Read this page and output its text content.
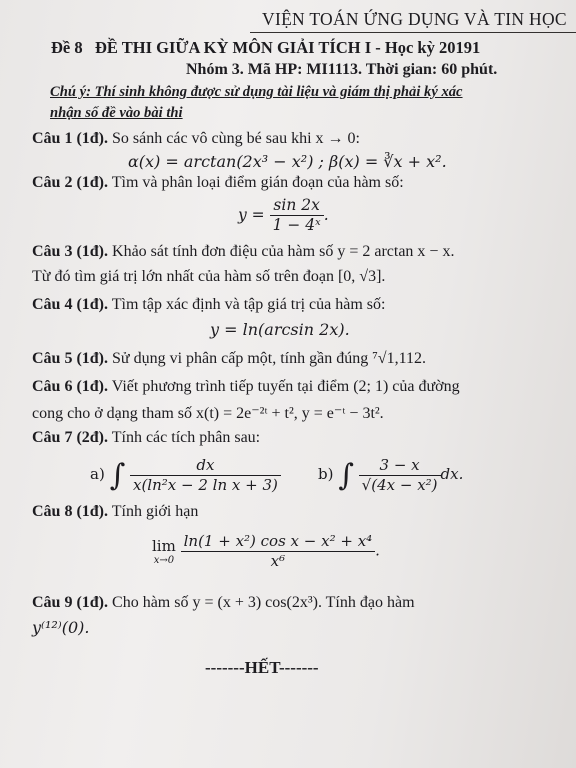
VIỆN TOÁN ỨNG DỤNG VÀ TIN HỌC
Đề 8 ĐỀ THI GIỮA KỲ MÔN GIẢI TÍCH I - Học kỳ 20191
Nhóm 3. Mã HP: MI1113. Thời gian: 60 phút.
Chú ý: Thí sinh không được sử dụng tài liệu và giám thị phải ký xác
nhận số đề vào bài thi
Câu 1 (1đ). So sánh các vô cùng bé sau khi x → 0:
α(x) = arctan(2x³ − x²) ; β(x) = ∛x + x².
Câu 2 (1đ). Tìm và phân loại điểm gián đoạn của hàm số:
$y = \frac{\sin 2x}{\text{1 − 4ˣ}}$ .
Câu 3 (1đ). Khảo sát tính đơn điệu của hàm số y = 2 arctan x − x.
Từ đó tìm giá trị lớn nhất của hàm số trên đoạn [0, √3].
Câu 4 (1đ). Tìm tập xác định và tập giá trị của hàm số:
y = ln(arcsin 2x).
Câu 5 (1đ). Sử dụng vi phân cấp một, tính gần đúng ⁷√1,112.
Câu 6 (1đ). Viết phương trình tiếp tuyến tại điểm (2; 1) của đường
cong cho ở dạng tham số x(t) = 2e⁻²ᵗ + t², y = e⁻ᵗ − 3t².
Câu 7 (2đ). Tính các tích phân sau:
a) ∫ $\frac{dx}{\text{x(ln²x − 2 ln x + 3)}} b$) ∫ $\frac{3 - x}{\text{√(4x − x²)}}$ dx.
Câu 8 (1đ). Tính giới hạn
lim
x→0
$\frac{\text{ln(1 + x²) cos x − x² + x⁴}}{\text{x⁶}}$ .
Câu 9 (1đ). Cho hàm số y = (x + 3) cos(2x³). Tính đạo hàm
y⁽¹²⁾(0).
-------HẾT-------
